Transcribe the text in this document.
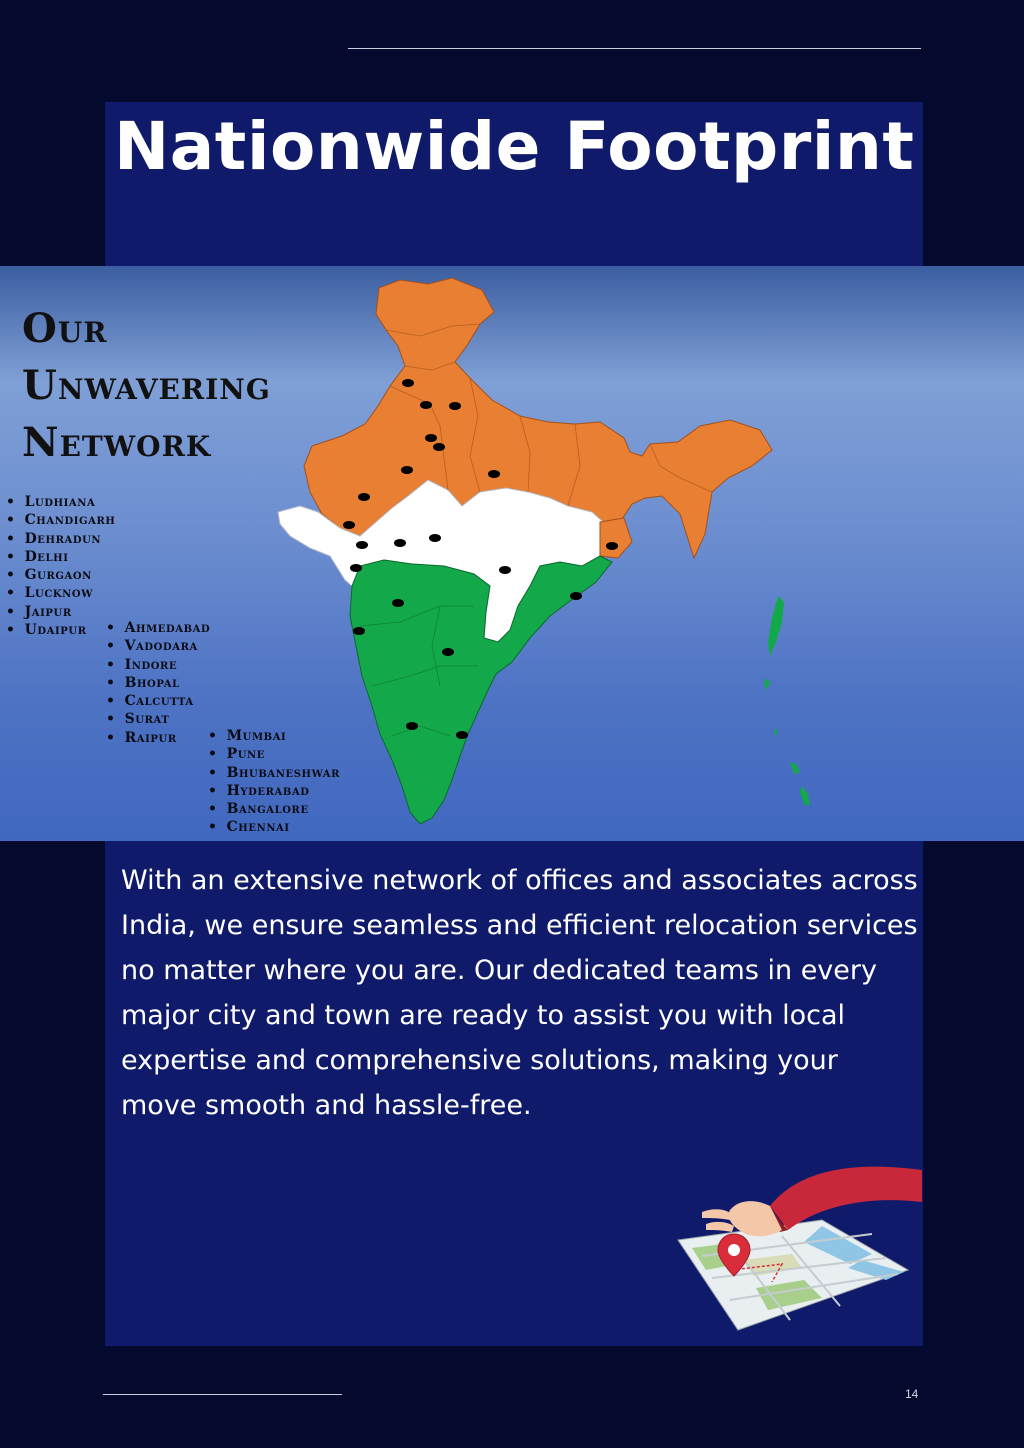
Nationwide Footprint
Our
Unwavering
Network
• Ludhiana
• Chandigarh
• Dehradun
• Delhi
• Gurgaon
• Lucknow
• Jaipur
• Udaipur	• Ahmedabad
• Vadodara
• Indore
• Bhopal
• Calcutta
• Surat
• Raipur	• Mumbai
• Pune
• Bhubaneshwar
• Hyderabad
• Bangalore
• Chennai

With an extensive network of offices and associates across India, we ensure seamless and efficient relocation services no matter where you are. Our dedicated teams in every major city and town are ready to assist you with local expertise and comprehensive solutions, making your move smooth and hassle-free.

14
